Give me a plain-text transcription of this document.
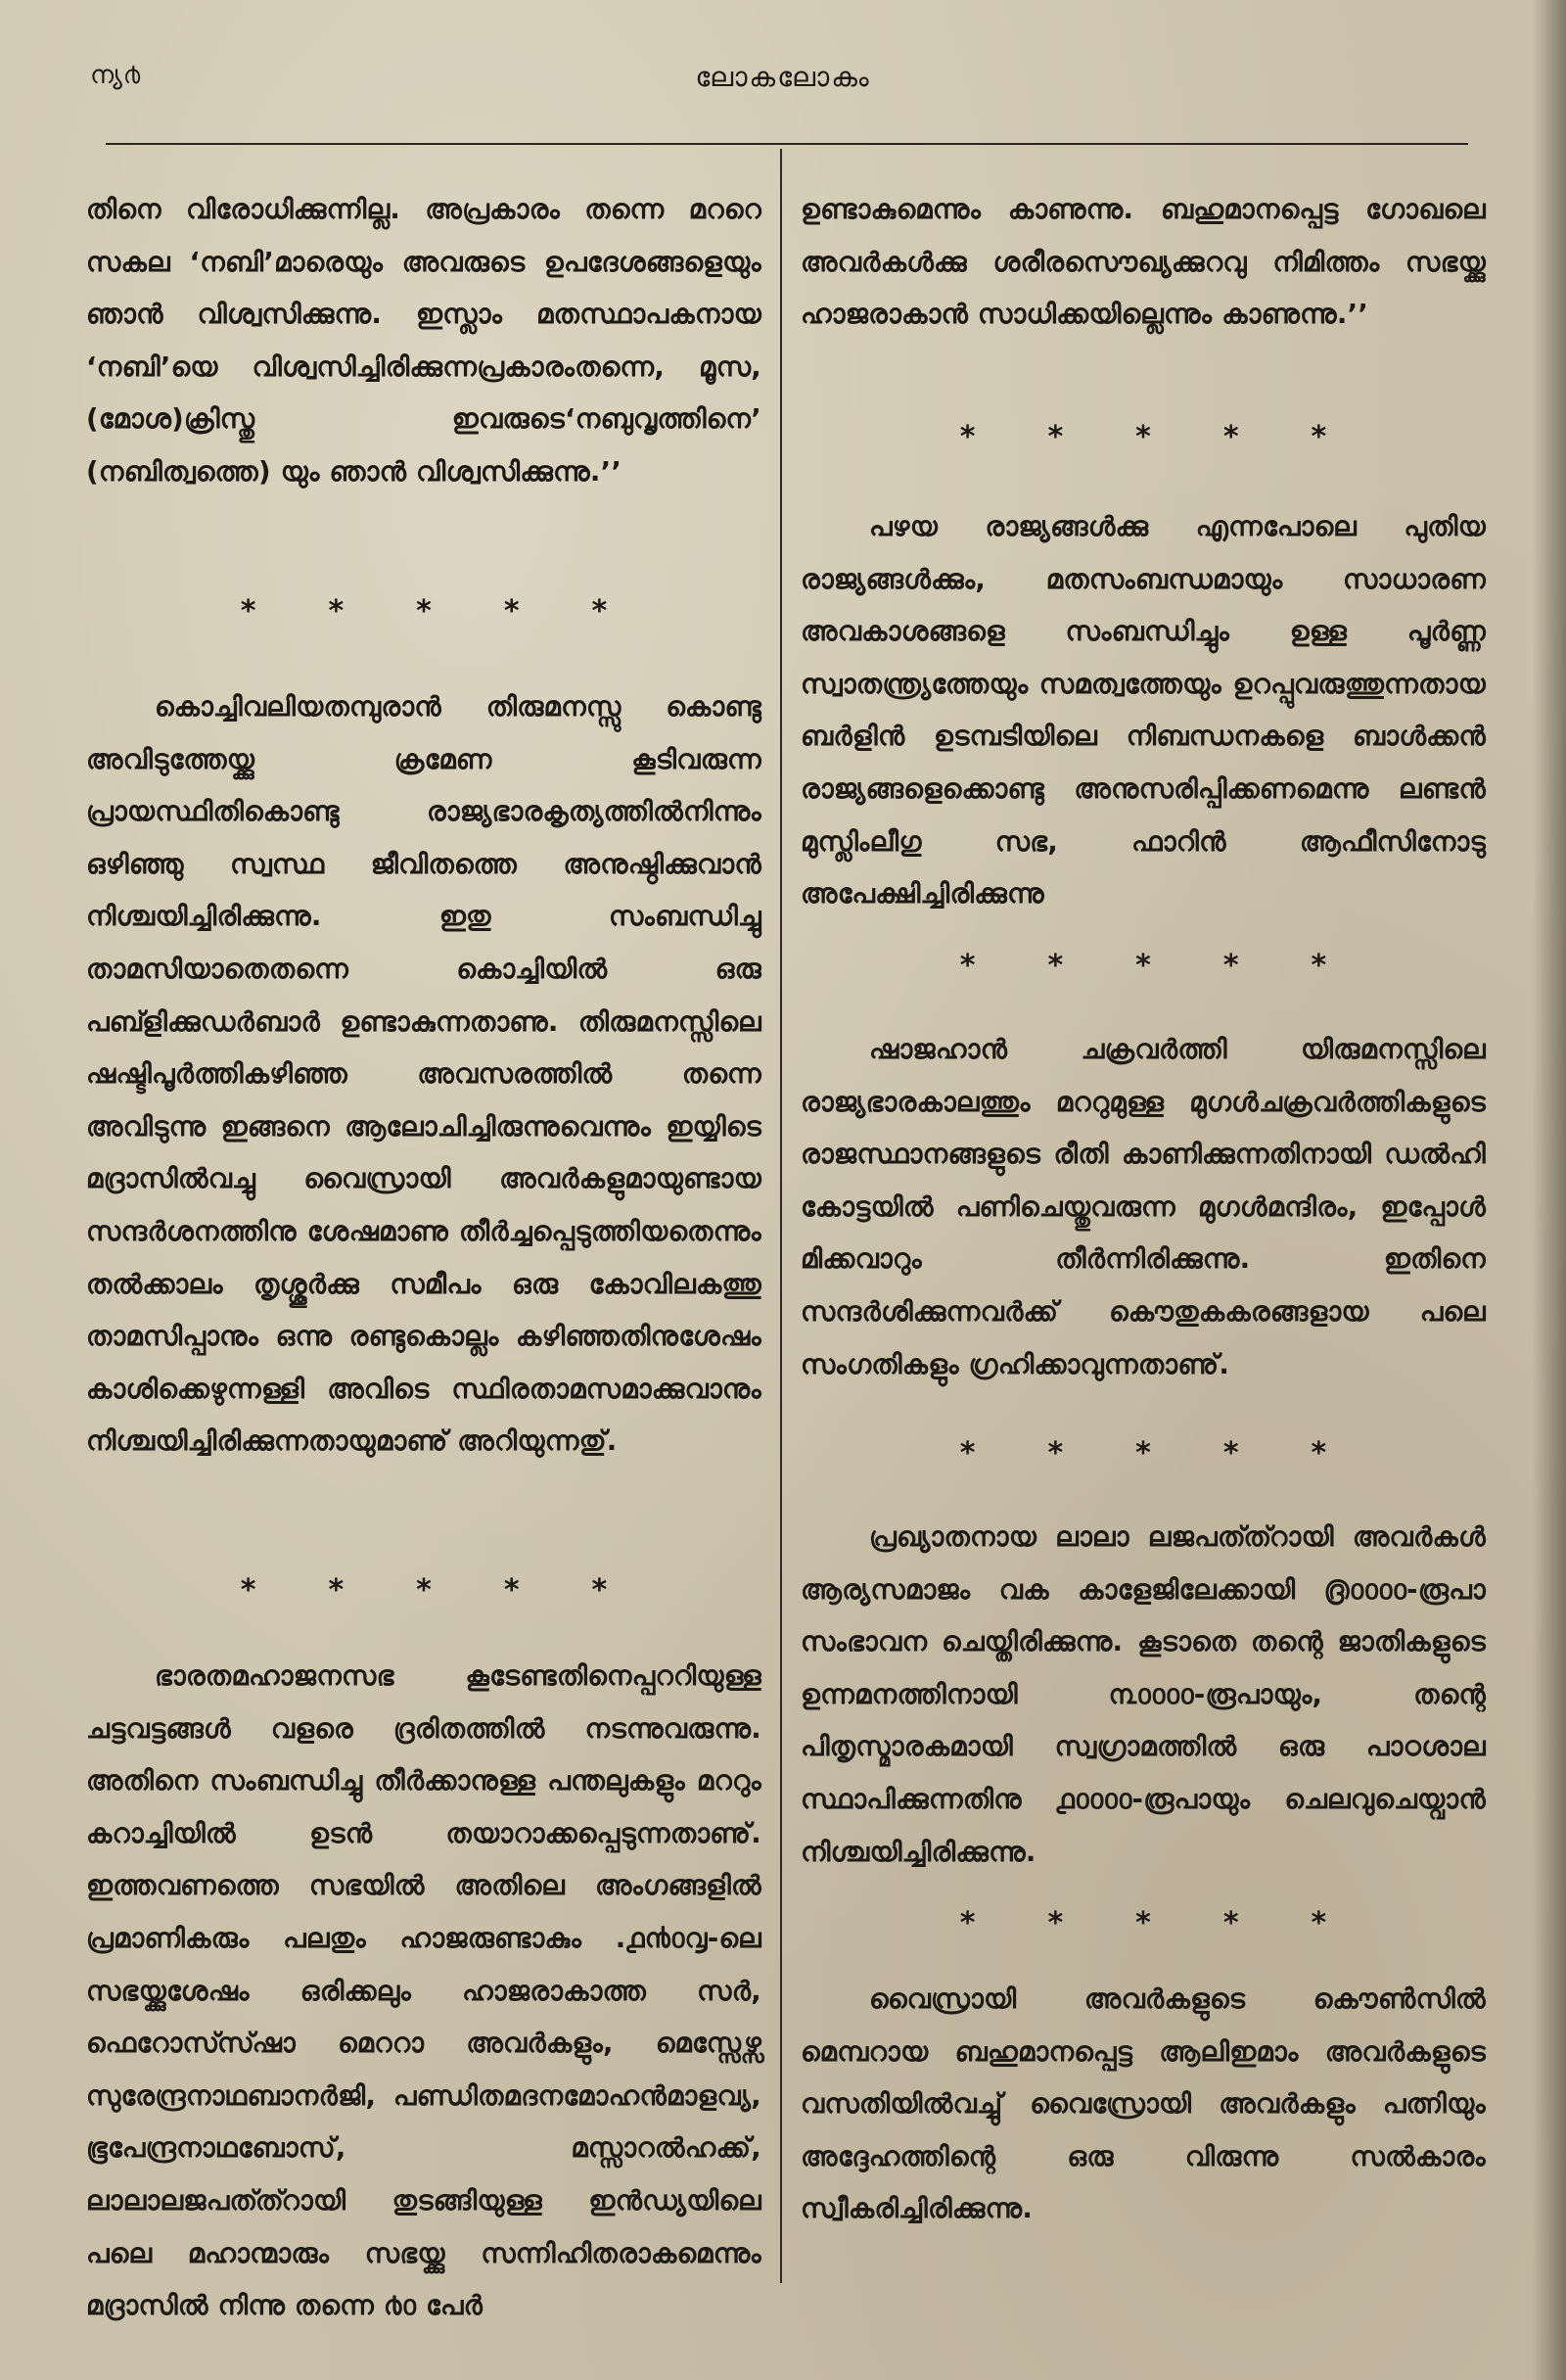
ന്യ൪	ലോകലോകം

തിനെ വിരോധിക്കുന്നില്ല. അപ്രകാരം തന്നെ മററെ സകല ‘നബി’മാരെയും അവരുടെ ഉപദേശങ്ങളെയും ഞാൻ വിശ്വസിക്കുന്നു. ഇസ്ലാം മതസ്ഥാപകനായ ‘നബി’യെ വിശ്വസിച്ചിരിക്കുന്നപ്രകാരംതന്നെ, മൂസ,(മോശ)ക്രിസ്തു ഇവരുടെ‘നബുവൃത്തിനെ’ (നബിത്വത്തെ) യും ഞാൻ വിശ്വസിക്കുന്നു.’’

* * * * *

കൊച്ചിവലിയതമ്പുരാൻ തിരുമനസ്സു കൊണ്ടു അവിടുത്തേയ്ക്കു ക്രമേണ കൂടിവരുന്ന പ്രായസ്ഥിതികൊണ്ടു രാജ്യഭാരകൃത്യത്തിൽനിന്നും ഒഴിഞ്ഞു സ്വസ്ഥ ജീവിതത്തെ അനുഷ്ഠിക്കുവാൻ നിശ്ചയിച്ചിരിക്കുന്നു. ഇതു സംബന്ധിച്ചു താമസിയാതെതന്നെ കൊച്ചിയിൽ ഒരു പബ്ളിക്കുഡർബാർ ഉണ്ടാകുന്നതാണു. തിരുമനസ്സിലെ ഷഷ്ടിപൂർത്തികഴിഞ്ഞ അവസരത്തിൽ തന്നെ അവിടുന്നു ഇങ്ങനെ ആലോചിച്ചിരുന്നുവെന്നും ഇയ്യിടെ മദ്രാസിൽവച്ചു വൈസ്രായി അവർകളുമായുണ്ടായ സന്ദർശനത്തിനു ശേഷമാണു തീർച്ചപ്പെടുത്തിയതെന്നും തൽക്കാലം തൃശ്ശൂർക്കു സമീപം ഒരു കോവിലകത്തു താമസിപ്പാനും ഒന്നു രണ്ടുകൊല്ലം കഴിഞ്ഞതിനുശേഷം കാശിക്കെഴുന്നള്ളി അവിടെ സ്ഥിരതാമസമാക്കുവാനും നിശ്ചയിച്ചിരിക്കുന്നതായുമാണു് അറിയുന്നതു്.

* * * * *

ഭാരതമഹാജനസഭ കൂടേണ്ടതിനെപ്പററിയുള്ള ചട്ടവട്ടങ്ങൾ വളരെ ദ്രരിതത്തിൽ നടന്നുവരുന്നു. അതിനെ സംബന്ധിച്ചു തീർക്കാനുള്ള പന്തലുകളും മററും കറാച്ചിയിൽ ഉടൻ തയാറാക്കപ്പെടുന്നതാണു്. ഇത്തവണത്തെ സഭയിൽ അതിലെ അംഗങ്ങളിൽ പ്രമാണികരും പലതും ഹാജരുണ്ടാകും .൧൯൦൮-ലെ സഭയ്ക്കുശേഷം ഒരിക്കലും ഹാജരാകാത്ത സർ, ഫെറോസ്സ്ഷാ മെററാ അവർകളും, മെസ്സേഴ്സ സുരേന്ദ്രനാഥബാനർജി, പണ്ഡിതമദനമോഹൻമാളവ്യ, ഭൂപേന്ദ്രനാഥബോസ്, മസ്സാറൽഹക്ക്, ലാലാലജപത്ത്റായി തുടങ്ങിയുള്ള ഇൻഡ്യയിലെ പലെ മഹാന്മാരും സഭയ്ക്കു സന്നിഹിതരാകമെന്നും മദ്രാസിൽ നിന്നു തന്നെ ൪൦ പേർ

ഉണ്ടാകുമെന്നും കാണുന്നു. ബഹുമാനപ്പെട്ട ഗോഖലെ അവർകൾക്കു ശരീരസൌഖ്യക്കുറവു നിമിത്തം സഭയ്ക്കു ഹാജരാകാൻ സാധിക്കയില്ലെന്നും കാണുന്നു.’’

* * * * *

പഴയ രാജ്യങ്ങൾക്കു എന്നപോലെ പുതിയ രാജ്യങ്ങൾക്കും, മതസംബന്ധമായും സാധാരണ അവകാശങ്ങളെ സംബന്ധിച്ചും ഉള്ള പൂർണ്ണ സ്വാതന്ത്ര്യത്തേയും സമത്വത്തേയും ഉറപ്പുവരുത്തുന്നതായ ബർളിൻ ഉടമ്പടിയിലെ നിബന്ധനകളെ ബാൾക്കൻ രാജ്യങ്ങളെക്കൊണ്ടു അനുസരിപ്പിക്കണമെന്നു ലണ്ടൻ മുസ്ലിംലീഗു സഭ, ഫാറിൻ ആഫീസിനോടു അപേക്ഷിച്ചിരിക്കുന്നു

* * * * *

ഷാജഹാൻ ചക്രവർത്തി യിരുമനസ്സിലെ രാജ്യഭാരകാലത്തും മററുമുള്ള മുഗൾചക്രവർത്തികളുടെ രാജസ്ഥാനങ്ങളുടെ രീതി കാണിക്കുന്നതിനായി ഡൽഹി കോട്ടയിൽ പണിചെയ്തുവരുന്ന മുഗൾമന്ദിരം, ഇപ്പോൾ മിക്കവാറും തീർന്നിരിക്കുന്നു. ഇതിനെ സന്ദർശിക്കുന്നവർക്ക് കൌതുകകരങ്ങളായ പലെ സംഗതികളും ഗ്രഹിക്കാവുന്നതാണു്.

* * * * *

പ്രഖ്യാതനായ ലാലാ ലജപത്ത്റായി അവർകൾ ആര്യസമാജം വക കാളേജിലേക്കായി ൫൦൦൦൦-രൂപാ സംഭാവന ചെയ്തിരിക്കുന്നു. കൂടാതെ തന്റെ ജാതികളുടെ ഉന്നമനത്തിനായി ൩൦൦൦൦-രൂപായും, തന്റെ പിതൃസ്മാരകമായി സ്വഗ്രാമത്തിൽ ഒരു പാഠശാല സ്ഥാപിക്കുന്നതിനു ൧൦൦൦൦-രൂപായും ചെലവുചെയ്വാൻ നിശ്ചയിച്ചിരിക്കുന്നു.

* * * * *

വൈസ്രായി അവർകളുടെ കൌൺസിൽ മെമ്പറായ ബഹുമാനപ്പെട്ട ആലിഇമാം അവർകളുടെ വസതിയിൽവച്ചു് വൈസ്രോയി അവർകളും പത്നിയും അദ്ദേഹത്തിന്റെ ഒരു വിരുന്നു സൽകാരം സ്വീകരിച്ചിരിക്കുന്നു.
